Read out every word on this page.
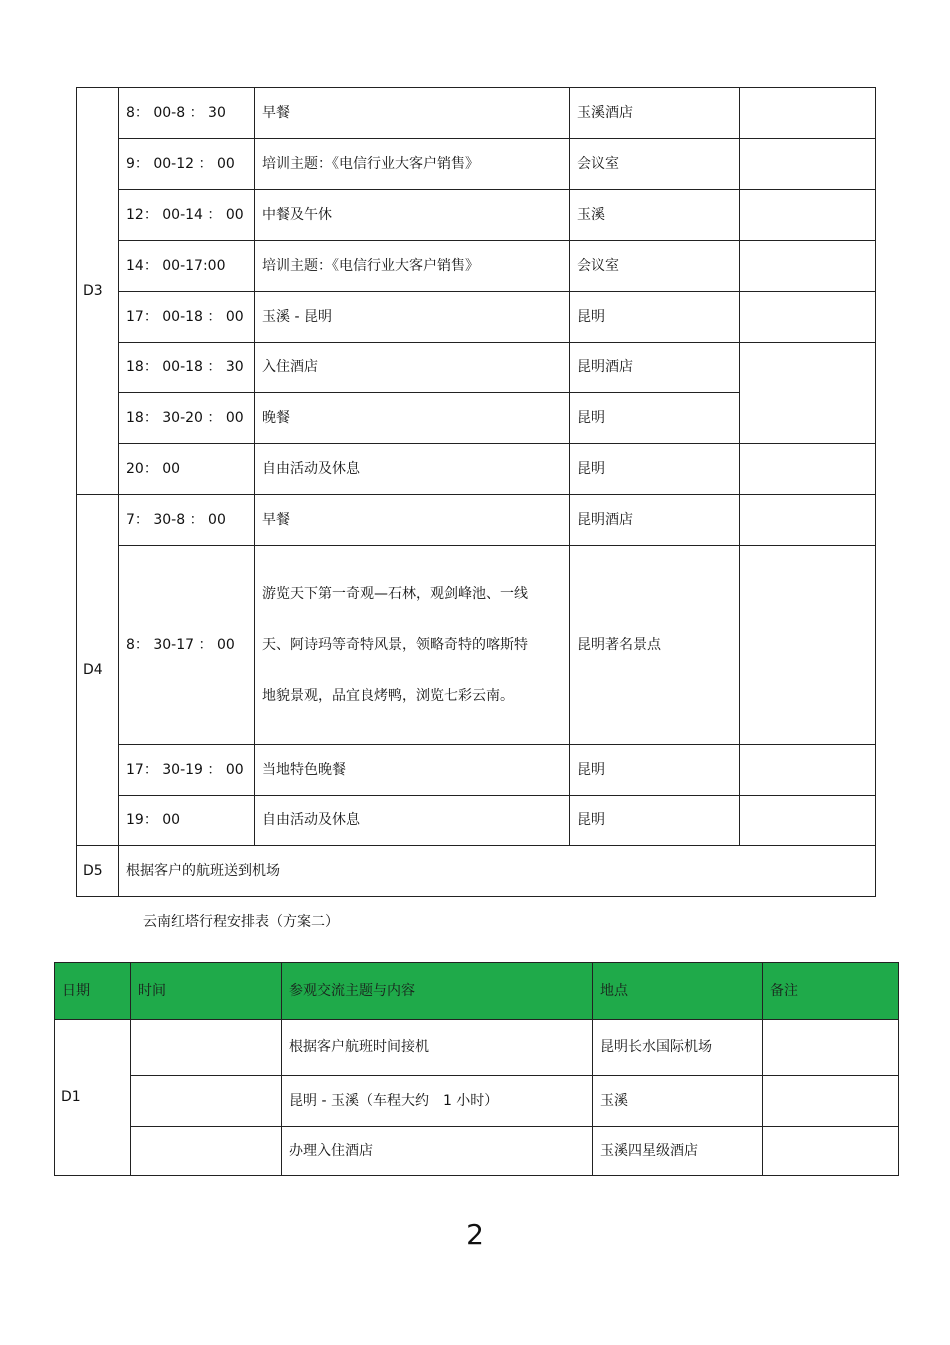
D3	8： 00-8 ： 30	早餐	玉溪酒店	
	9： 00-12 ： 00	培训主题：《电信行业大客户销售》	会议室	
	12： 00-14 ： 00	中餐及午休	玉溪	
	14： 00-17:00	培训主题：《电信行业大客户销售》	会议室	
	17： 00-18 ： 00	玉溪 - 昆明	昆明	
	18： 00-18 ： 30	入住酒店	昆明酒店	
	18： 30-20 ： 00	晚餐	昆明	
	20： 00	自由活动及休息	昆明	
D4	7： 30-8 ： 00	早餐	昆明酒店	
	8： 30-17 ： 00	游览天下第一奇观—石林，观剑峰池、一线天、阿诗玛等奇特风景，领略奇特的喀斯特地貌景观，品宜良烤鸭，浏览七彩云南。	昆明著名景点	
	17： 30-19 ： 00	当地特色晚餐	昆明	
	19： 00	自由活动及休息	昆明	
D5	根据客户的航班送到机场			
云南红塔行程安排表（方案二）
日期	时间	参观交流主题与内容	地点	备注
D1		根据客户航班时间接机	昆明长水国际机场	
		昆明 - 玉溪（车程大约　1 小时）	玉溪	
		办理入住酒店	玉溪四星级酒店	
2
